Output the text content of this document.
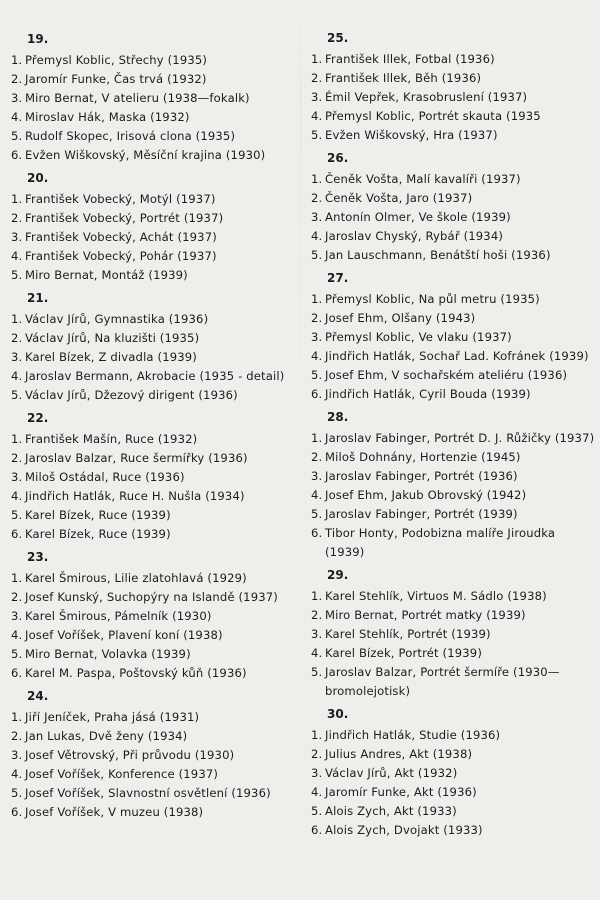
19.
1. Přemysl Koblic, Střechy (1935)
2. Jaromír Funke, Čas trvá (1932)
3. Miro Bernat, V atelieru (1938—fokalk)
4. Miroslav Hák, Maska (1932)
5. Rudolf Skopec, Irisová clona (1935)
6. Evžen Wiškovský, Měsíční krajina (1930)
20.
1. František Vobecký, Motýl (1937)
2. František Vobecký, Portrét (1937)
3. František Vobecký, Achát (1937)
4. František Vobecký, Pohár (1937)
5. Miro Bernat, Montáž (1939)
21.
1. Václav Jírů, Gymnastika (1936)
2. Václav Jírů, Na kluzišti (1935)
3. Karel Bízek, Z divadla (1939)
4. Jaroslav Bermann, Akrobacie (1935 - detail)
5. Václav Jírů, Džezový dirigent (1936)
22.
1. František Mašín, Ruce (1932)
2. Jaroslav Balzar, Ruce šermířky (1936)
3. Miloš Ostádal, Ruce (1936)
4. Jindřich Hatlák, Ruce H. Nušla (1934)
5. Karel Bízek, Ruce (1939)
6. Karel Bízek, Ruce (1939)
23.
1. Karel Šmirous, Lilie zlatohlavá (1929)
2. Josef Kunský, Suchopýry na Islandě (1937)
3. Karel Šmirous, Pámelník (1930)
4. Josef Voříšek, Plavení koní (1938)
5. Miro Bernat, Volavka (1939)
6. Karel M. Paspa, Poštovský kůň (1936)
24.
1. Jiří Jeníček, Praha jásá (1931)
2. Jan Lukas, Dvě ženy (1934)
3. Josef Větrovský, Při průvodu (1930)
4. Josef Voříšek, Konference (1937)
5. Josef Voříšek, Slavnostní osvětlení (1936)
6. Josef Voříšek, V muzeu (1938)
25.
1. František Illek, Fotbal (1936)
2. František Illek, Běh (1936)
3. Émil Vepřek, Krasobruslení (1937)
4. Přemysl Koblic, Portrét skauta (1935
5. Evžen Wiškovský, Hra (1937)
26.
1. Čeněk Vošta, Malí kavalíři (1937)
2. Čeněk Vošta, Jaro (1937)
3. Antonín Olmer, Ve škole (1939)
4. Jaroslav Chyský, Rybář (1934)
5. Jan Lauschmann, Benátští hoši (1936)
27.
1. Přemysl Koblic, Na půl metru (1935)
2. Josef Ehm, Olšany (1943)
3. Přemysl Koblic, Ve vlaku (1937)
4. Jindřich Hatlák, Sochař Lad. Kofránek (1939)
5. Josef Ehm, V sochařském ateliéru (1936)
6. Jindřich Hatlák, Cyril Bouda (1939)
28.
1. Jaroslav Fabinger, Portrét D. J. Růžičky (1937)
2. Miloš Dohnány, Hortenzie (1945)
3. Jaroslav Fabinger, Portrét (1936)
4. Josef Ehm, Jakub Obrovský (1942)
5. Jaroslav Fabinger, Portrét (1939)
6. Tibor Honty, Podobizna malíře Jiroudka (1939)
29.
1. Karel Stehlík, Virtuos M. Sádlo (1938)
2. Miro Bernat, Portrét matky (1939)
3. Karel Stehlík, Portrét (1939)
4. Karel Bízek, Portrét (1939)
5. Jaroslav Balzar, Portrét šermíře (1930—bromolejotisk)
30.
1. Jindřich Hatlák, Studie (1936)
2. Julius Andres, Akt (1938)
3. Václav Jírů, Akt (1932)
4. Jaromír Funke, Akt (1936)
5. Alois Zych, Akt (1933)
6. Alois Zych, Dvojakt (1933)
